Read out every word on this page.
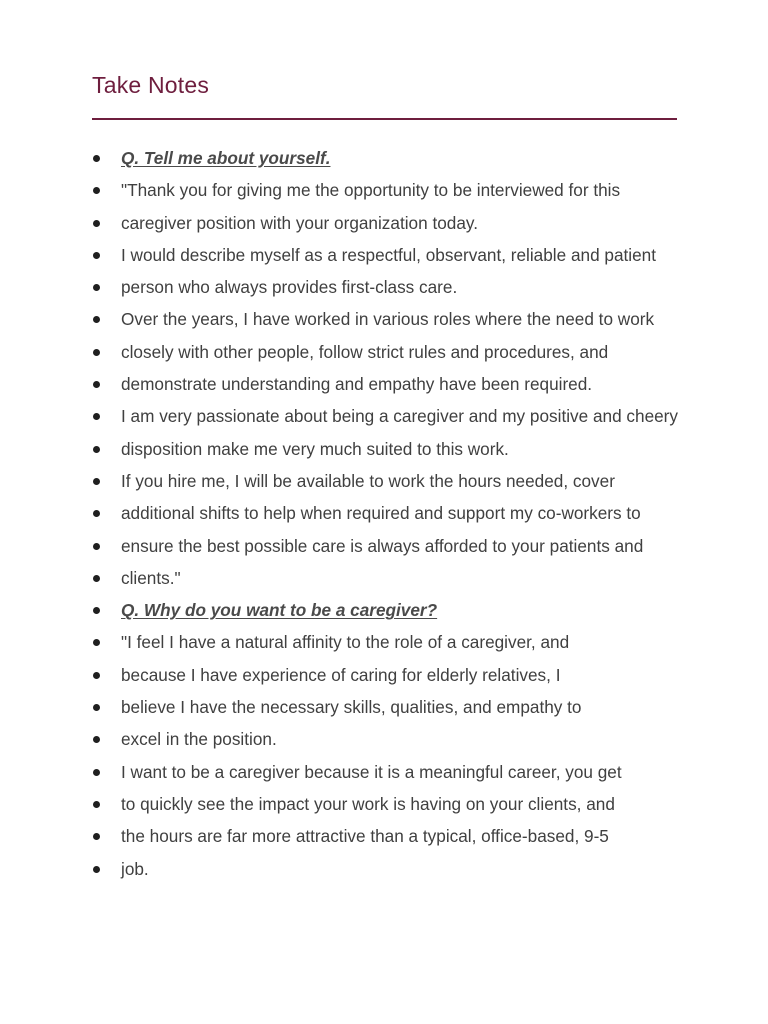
Take Notes
Q. Tell me about yourself.
"Thank you for giving me the opportunity to be interviewed for this
caregiver position with your organization today.
I would describe myself as a respectful, observant, reliable and patient
person who always provides first-class care.
Over the years, I have worked in various roles where the need to work
closely with other people, follow strict rules and procedures, and
demonstrate understanding and empathy have been required.
I am very passionate about being a caregiver and my positive and cheery
disposition make me very much suited to this work.
If you hire me, I will be available to work the hours needed, cover
additional shifts to help when required and support my co-workers to
ensure the best possible care is always afforded to your patients and
clients."
Q. Why do you want to be a caregiver?
"I feel I have a natural affinity to the role of a caregiver, and
because I have experience of caring for elderly relatives, I
believe I have the necessary skills, qualities, and empathy to
excel in the position.
I want to be a caregiver because it is a meaningful career, you get
to quickly see the impact your work is having on your clients, and
the hours are far more attractive than a typical, office-based, 9-5
job.
